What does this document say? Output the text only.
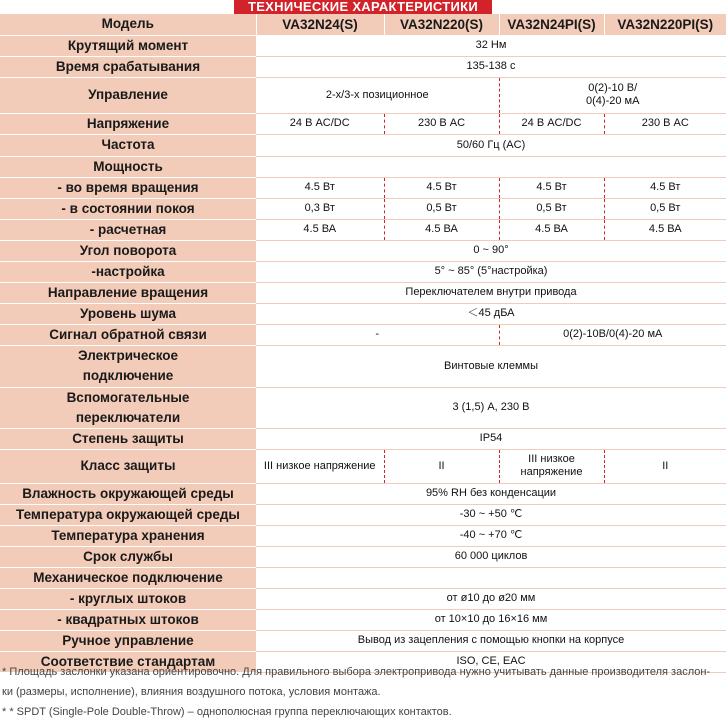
ТЕХНИЧЕСКИЕ ХАРАКТЕРИСТИКИ
Модель	VA32N24(S)	VA32N220(S)	VA32N24PI(S)	VA32N220PI(S)
Крутящий момент	32 Нм			
Время срабатывания	135-138 с			
Управление	2-х/3-х позиционное		0(2)-10 В/
0(4)-20 мА	

Напряжение	24 В AC/DC	230 В AC	24 В AC/DC	230 В AC
Частота	50/60 Гц (AC)			
Мощность				
- во время вращения	4.5 Вт	4.5 Вт	4.5 Вт	4.5 Вт
- в состоянии покоя	0,3 Вт	0,5 Вт	0,5 Вт	0,5 Вт
- расчетная	4.5 ВА	4.5 ВА	4.5 ВА	4.5 ВА
Угол поворота	0 ~ 90°			
-настройка	5° ~ 85° (5°настройка)			
Направление вращения	Переключателем внутри привода			
Уровень шума	＜45 дБА			
Сигнал обратной связи	-		0(2)-10В/0(4)-20 мА	

Электрическое
подключение	Винтовые клеммы			

Вспомогательные
переключатели	3 (1,5) А, 230 В			
Степень защиты	IP54			
Класс защиты	III низкое напряжение	II	III низкое
напряжение	II
Влажность окружающей среды	95% RH без конденсации			
Температура окружающей среды	-30 ~ +50 ℃			
Температура хранения	-40 ~ +70 ℃			
Срок службы	60 000 циклов			
Механическое подключение				
- круглых штоков	от ø10 до ø20 мм			
- квадратных штоков	от 10×10 до 16×16 мм			
Ручное управление	Вывод из зацепления с помощью кнопки на корпусе			
Соответствие стандартам	ISO, CE, EAC			

* Площадь заслонки указана ориентировочно. Для правильного выбора электропривода нужно учитывать данные производителя заслон-

ки (размеры, исполнение), влияния воздушного потока, условия монтажа.

* * SPDT (Single-Pole Double-Throw) – однополюсная группа переключающих контактов.
